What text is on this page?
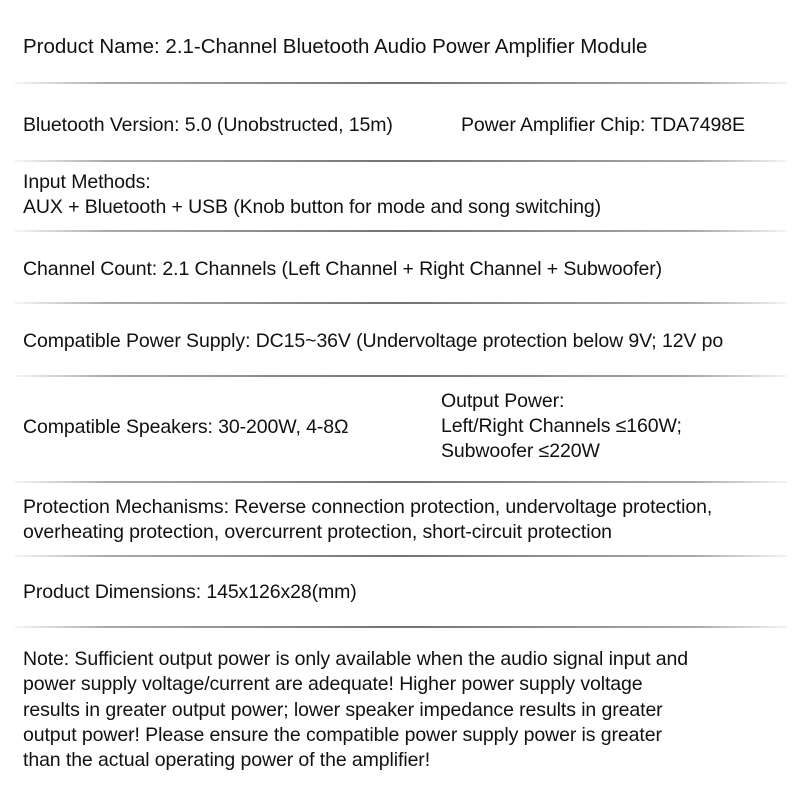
Product Name: 2.1-Channel Bluetooth Audio Power Amplifier Module
Bluetooth Version: 5.0 (Unobstructed, 15m)	Power Amplifier Chip: TDA7498E
Input Methods:
AUX + Bluetooth + USB (Knob button for mode and song switching)
Channel Count: 2.1 Channels (Left Channel + Right Channel + Subwoofer)
Compatible Power Supply: DC15~36V (Undervoltage protection below 9V; 12V po
Compatible Speakers: 30-200W, 4-8Ω
Output Power:
Left/Right Channels ≤160W;
Subwoofer ≤220W
Protection Mechanisms: Reverse connection protection, undervoltage protection,
overheating protection, overcurrent protection, short-circuit protection
Product Dimensions: 145x126x28(mm)
Note: Sufficient output power is only available when the audio signal input and
power supply voltage/current are adequate! Higher power supply voltage
results in greater output power; lower speaker impedance results in greater
output power! Please ensure the compatible power supply power is greater
than the actual operating power of the amplifier!
